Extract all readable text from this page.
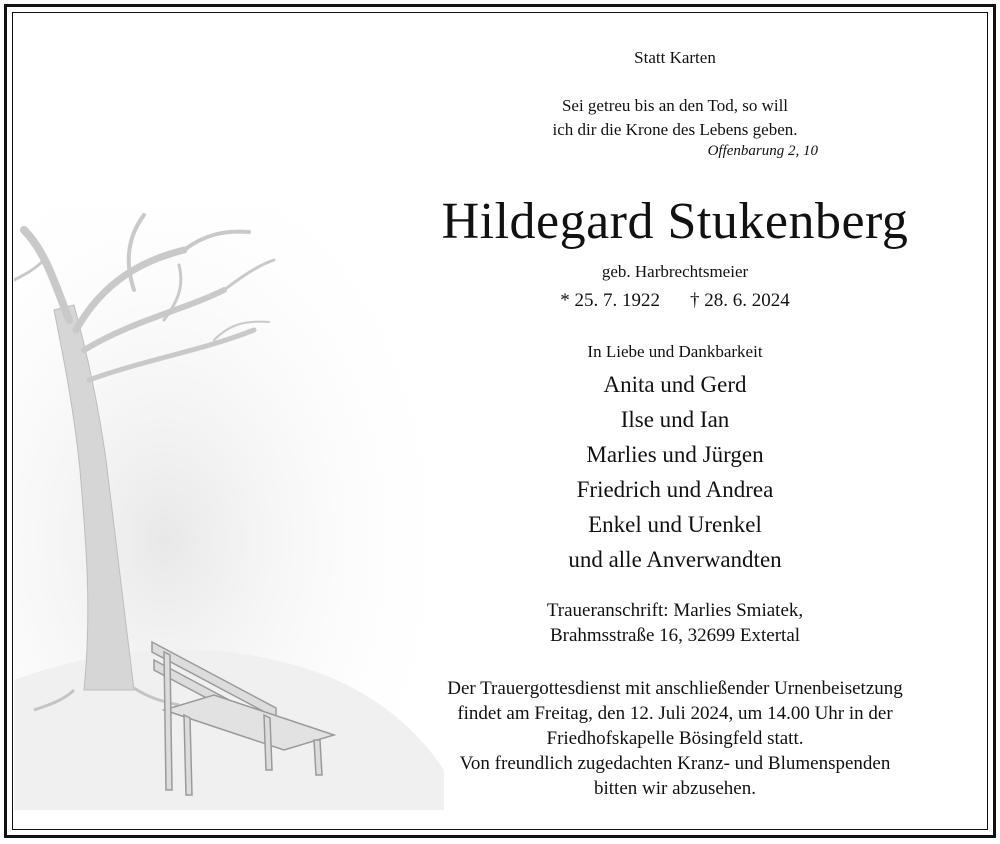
Statt Karten
Sei getreu bis an den Tod, so will
ich dir die Krone des Lebens geben.
Offenbarung 2, 10
Hildegard Stukenberg
geb. Harbrechtsmeier
* 25. 7. 1922 † 28. 6. 2024
In Liebe und Dankbarkeit
Anita und Gerd
Ilse und Ian
Marlies und Jürgen
Friedrich und Andrea
Enkel und Urenkel
und alle Anverwandten
Traueranschrift: Marlies Smiatek,
Brahmsstraße 16, 32699 Extertal
Der Trauergottesdienst mit anschließender Urnenbeisetzung
findet am Freitag, den 12. Juli 2024, um 14.00 Uhr in der
Friedhofskapelle Bösingfeld statt.
Von freundlich zugedachten Kranz- und Blumenspenden
bitten wir abzusehen.
